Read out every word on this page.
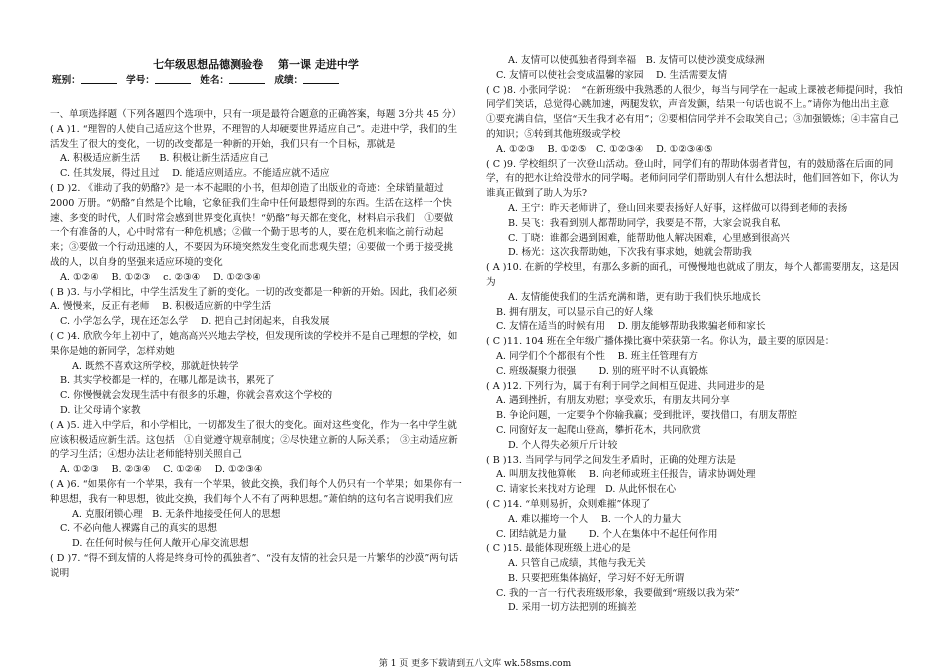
七年级思想品德测验卷　 第一课 走进中学
班别：	学号：	姓名：	成绩：
一、单项选择题（下列各题四个选项中，只有一项是最符合题意的正确答案，每题 3分共 45 分）
( A )1. “理智的人使自己适应这个世界，不理智的人却硬要世界适应自己”。走进中学，我们的生活发生了很大的变化，一切的改变都是一种新的开始，我们只有一个目标，那就是
A. 积极适应新生活　　B. 积极让新生活适应自己
C. 任其发展，得过且过　 D. 能适应则适应。不能适应就不适应
( D )2. 《谁动了我的奶酪?》是一本不起眼的小书，但却创造了出版业的奇迹：全球销量超过 2000 万册。“奶酪”自然是个比喻，它象征我们生命中任何最想得到的东西。生活在这样一个快速、多变的时代，人们时常会感到世界变化真快！“奶酪”每天都在变化，材料启示我们　①要做一个有准备的人，心中时常有一种危机感；②做一个勤于思考的人，要在危机来临之前行动起来；③要做一个行动迅速的人，不要因为环境突然发生变化而悲观失望；④要做一个勇于接受挑战的人，以自身的坚强来适应环境的变化
A. ①②④　 B. ①②③　 c. ②③④　 D. ①②③④
( B )3. 与小学相比，中学生活发生了新的变化。一切的改变都是一种新的开始。因此，我们必须　A. 慢慢来，反正有老师　 B. 积极适应新的中学生活
C. 小学怎么学，现在还怎么学　 D. 把自己封闭起来，自我发展
( C )4. 欣欣今年上初中了，她高高兴兴地去学校，但发现所读的学校并不是自己理想的学校，如果你是她的新同学，怎样劝她
A. 既然不喜欢这所学校，那就赶快转学
B. 其实学校都是一样的，在哪儿都是读书，累死了
C. 你慢慢就会发现生活中有很多的乐趣，你就会喜欢这个学校的
D. 让父母请个家教
( A )5. 进入中学后，和小学相比，一切都发生了很大的变化。面对这些变化，作为一名中学生就应该积极适应新生活。这包括　①自觉遵守规章制度；②尽快建立新的人际关系；　③主动适应新的学习生活；④想办法让老师能特别关照自己
A. ①②③　 B. ②③④　 C. ①②④　 D. ①②③④
( A )6. “如果你有一个苹果，我有一个苹果，彼此交换，我们每个人仍只有一个苹果；如果你有一种思想，我有一种思想，彼此交换，我们每个人不有了两种思想。”萧伯纳的这句名言说明我们应
A. 克服闭锁心理　B. 无条件地接受任何人的思想
C. 不必向他人裸露自己的真实的思想
D. 在任何时候与任何人敞开心扉交流思想
( D )7. “得不到友情的人将是终身可怜的孤独者”、“没有友情的社会只是一片繁华的沙漠”两句话说明
A. 友情可以使孤独者得到幸福　B. 友情可以使沙漠变成绿洲
C. 友情可以使社会变成温馨的家园　 D. 生活需要友情
( C )8. 小张同学说：　“在新班级中我熟悉的人很少，每当与同学在一起或上课被老师提问时，我怕同学们笑话，总觉得心跳加速，两腿发软，声音发颤，结果一句话也说不上。”请你为他出出主意　①要充满自信，坚信“天生我才必有用”；②要相信同学并不会取笑自己；③加强锻炼；④丰富自己的知识；⑤转到其他班级或学校
A. ①②③　 B. ①②⑤　C. ①②③④　 D. ①②③④⑤
( C )9. 学校组织了一次登山活动。登山时，同学们有的帮助体弱者背包，有的鼓励落在后面的同学，有的把水让给没带水的同学喝。老师问同学们帮助别人有什么想法时，他们回答如下，你认为谁真正做到了助人为乐?
A. 王宁：昨天老师讲了，登山回来要表扬好人好事，这样做可以得到老师的表扬
B. 吴飞：我看到别人都帮助同学，我要是不帮，大家会说我自私
C. 丁晓：谁都会遇到困难，能帮助他人解决困难，心里感到很高兴
D. 杨光：这次我帮助她，下次我有事求她，她就会帮助我
( A )10. 在新的学校里，有那么多新的面孔，可慢慢地也就成了朋友，每个人都需要朋友，这是因为
A. 友情能使我们的生活充满和谐，更有助于我们快乐地成长
B. 拥有朋友，可以显示自己的好人缘
C. 友情在适当的时候有用　 D. 朋友能够帮助我欺骗老师和家长
( C )11. 104 班在全年级广播体操比赛中荣获第一名。你认为，最主要的原因是：
A. 同学们个个都很有个性　 B. 班主任管理有方
C. 班级凝聚力很强　　 D. 别的班平时不认真锻炼
( A )12. 下列行为，属于有利于同学之间相互促进、共同进步的是
A. 遇到挫折，有朋友劝慰；享受欢乐，有朋友共同分享
B. 争论问题，一定要争个你输我赢；受到批评，要找借口，有朋友帮腔
C. 同窗好友一起爬山登高，攀折花木，共同欣赏
D. 个人得失必须斤斤计较
( B )13. 当同学与同学之间发生矛盾时，正确的处理方法是
A. 叫朋友找他算帐　 B. 向老师或班主任报告，请求协调处理
C. 请家长来找对方论理　D. 从此怀恨在心
( C )14. “单则易折，众则难摧”体现了
A. 难以摧垮一个人　 B. 一个人的力量大
C. 团结就是力量　　 D. 个人在集体中不起任何作用
( C )15. 最能体现班级上进心的是
A. 只管自己成绩，其他与我无关
B. 只要把班集体搞好，学习好不好无所谓
C. 我的一言一行代表班级形象，我要做到“班级以我为荣”
D. 采用一切方法把别的班搞差
第 1 页 更多下载请到五八文库 wk.58sms.com
